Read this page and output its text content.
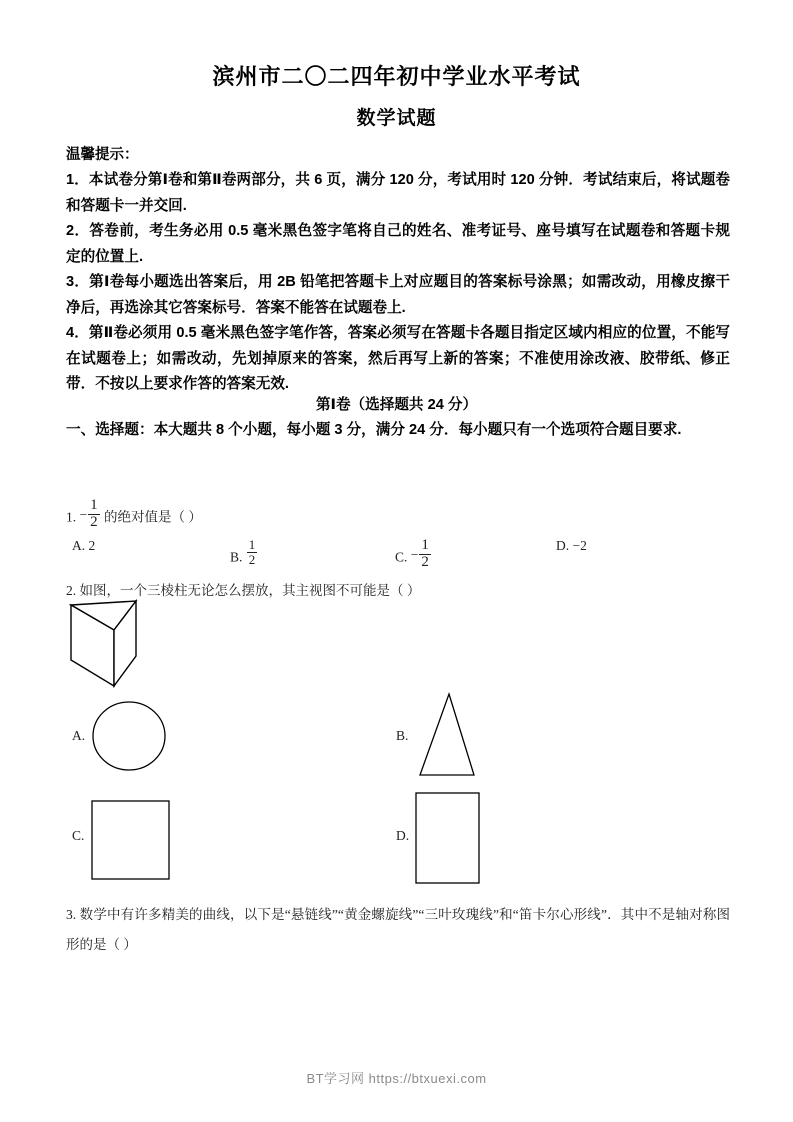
滨州市二〇二四年初中学业水平考试
数学试题
温馨提示：

1．本试卷分第Ⅰ卷和第Ⅱ卷两部分，共 6 页，满分 120 分，考试用时 120 分钟．考试结束后，将试题卷和答题卡一并交回.

2．答卷前，考生务必用 0.5 毫米黑色签字笔将自己的姓名、准考证号、座号填写在试题卷和答题卡规定的位置上.

3．第Ⅰ卷每小题选出答案后，用 2B 铅笔把答题卡上对应题目的答案标号涂黑；如需改动，用橡皮擦干净后，再选涂其它答案标号．答案不能答在试题卷上.

4．第Ⅱ卷必须用 0.5 毫米黑色签字笔作答，答案必须写在答题卡各题目指定区域内相应的位置，不能写在试题卷上；如需改动，先划掉原来的答案，然后再写上新的答案；不准使用涂改液、胶带纸、修正带．不按以上要求作答的答案无效.

第Ⅰ卷（选择题共 24 分）
一、选择题：本大题共 8 个小题，每小题 3 分，满分 24 分．每小题只有一个选项符合题目要求.
1. − $\frac{1}{2}$ 的绝对值是（ ）
A. 2
B. $\frac{1}{2}$	C. − $\frac{1}{2}$	D. −2
2. 如图，一个三棱柱无论怎么摆放，其主视图不可能是（ ）
A.	B.
C.	D.
3. 数学中有许多精美的曲线，以下是“悬链线”“黄金螺旋线”“三叶玫瑰线”和“笛卡尔心形线”．其中不是轴对称图形的是（ ）
BT学习网 https://btxuexi.com
